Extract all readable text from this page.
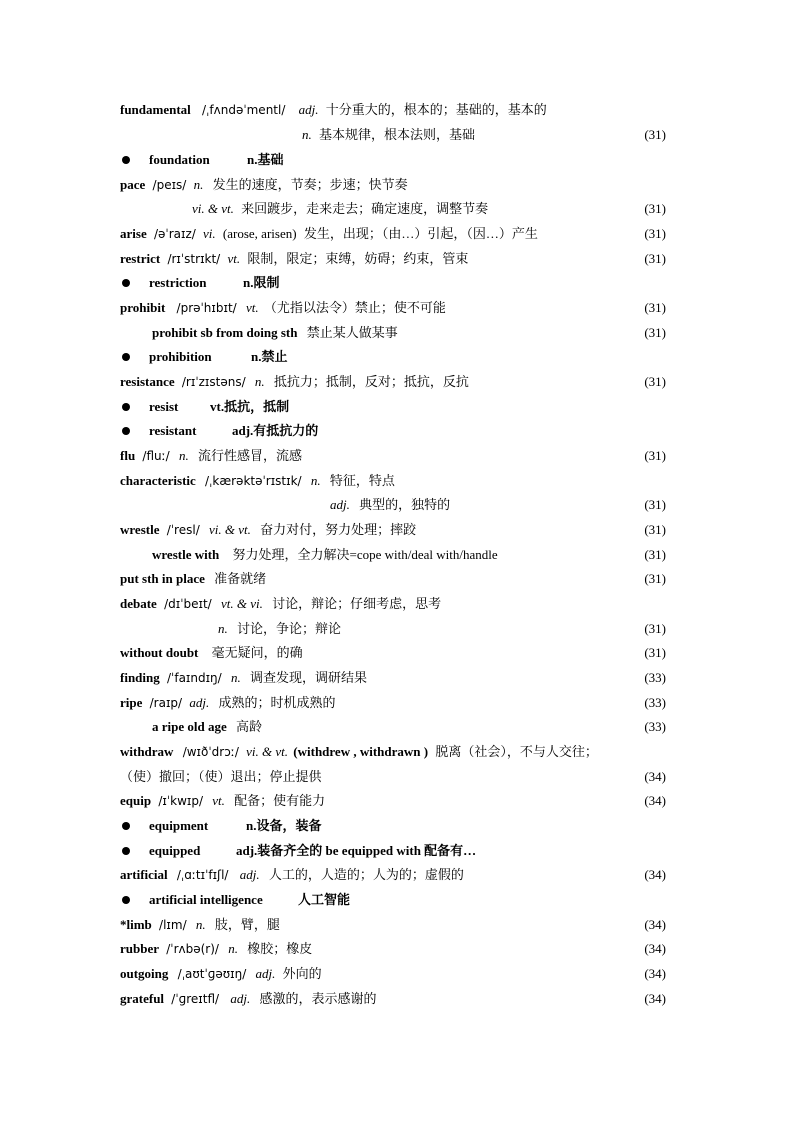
fundamental /ˌfʌndəˈmentl/ adj. 十分重大的，根本的；基础的，基本的
n. 基本规律，根本法则，基础	(31)
foundation	n.基础
pace /peɪs/ n. 发生的速度，节奏；步速；快节奏
vi. & vt. 来回踱步，走来走去；确定速度，调整节奏	(31)
arise /əˈraɪz/ vi. (arose, arisen) 发生，出现；（由…）引起，（因…）产生	(31)
restrict /rɪˈstrɪkt/ vt. 限制，限定；束缚，妨碍；约束，管束	(31)
restriction	n.限制
prohibit /prəˈhɪbɪt/ vt. （尤指以法令）禁止；使不可能	(31)
prohibit sb from doing sth 禁止某人做某事	(31)
prohibition	n.禁止
resistance /rɪˈzɪstəns/ n. 抵抗力；抵制，反对；抵抗，反抗	(31)
resist vt.抵抗，抵制
resistant	adj.有抵抗力的
flu /fluː/ n. 流行性感冒，流感	(31)
characteristic /ˌkærəktəˈrɪstɪk/ n. 特征，特点
adj. 典型的，独特的	(31)
wrestle /ˈresl/ vi. & vt. 奋力对付，努力处理；摔跤	(31)
wrestle with 努力处理，全力解决=cope with/deal with/handle	(31)
put sth in place 准备就绪	(31)
debate /dɪˈbeɪt/ vt. & vi. 讨论，辩论；仔细考虑，思考
n. 讨论，争论；辩论	(31)
without doubt 毫无疑问，的确	(31)
finding /ˈfaɪndɪŋ/ n. 调查发现，调研结果	(33)
ripe /raɪp/ adj. 成熟的；时机成熟的	(33)
a ripe old age 高龄	(33)
withdraw /wɪðˈdrɔː/ vi. & vt. (withdrew , withdrawn ) 脱离（社会），不与人交往；
（使）撤回；（使）退出；停止提供	(34)
equip /ɪˈkwɪp/ vt. 配备；使有能力	(34)
equipment	n.设备，装备
equipped	adj.装备齐全的 be equipped with 配备有…
artificial /ˌɑːtɪˈfɪʃl/ adj. 人工的，人造的；人为的；虚假的	(34)
artificial intelligence	人工智能
*limb /lɪm/ n. 肢，臂，腿	(34)
rubber /ˈrʌbə(r)/ n. 橡胶；橡皮	(34)
outgoing /ˌaʊtˈɡəʊɪŋ/ adj. 外向的	(34)
grateful /ˈɡreɪtfl/ adj. 感激的，表示感谢的	(34)
